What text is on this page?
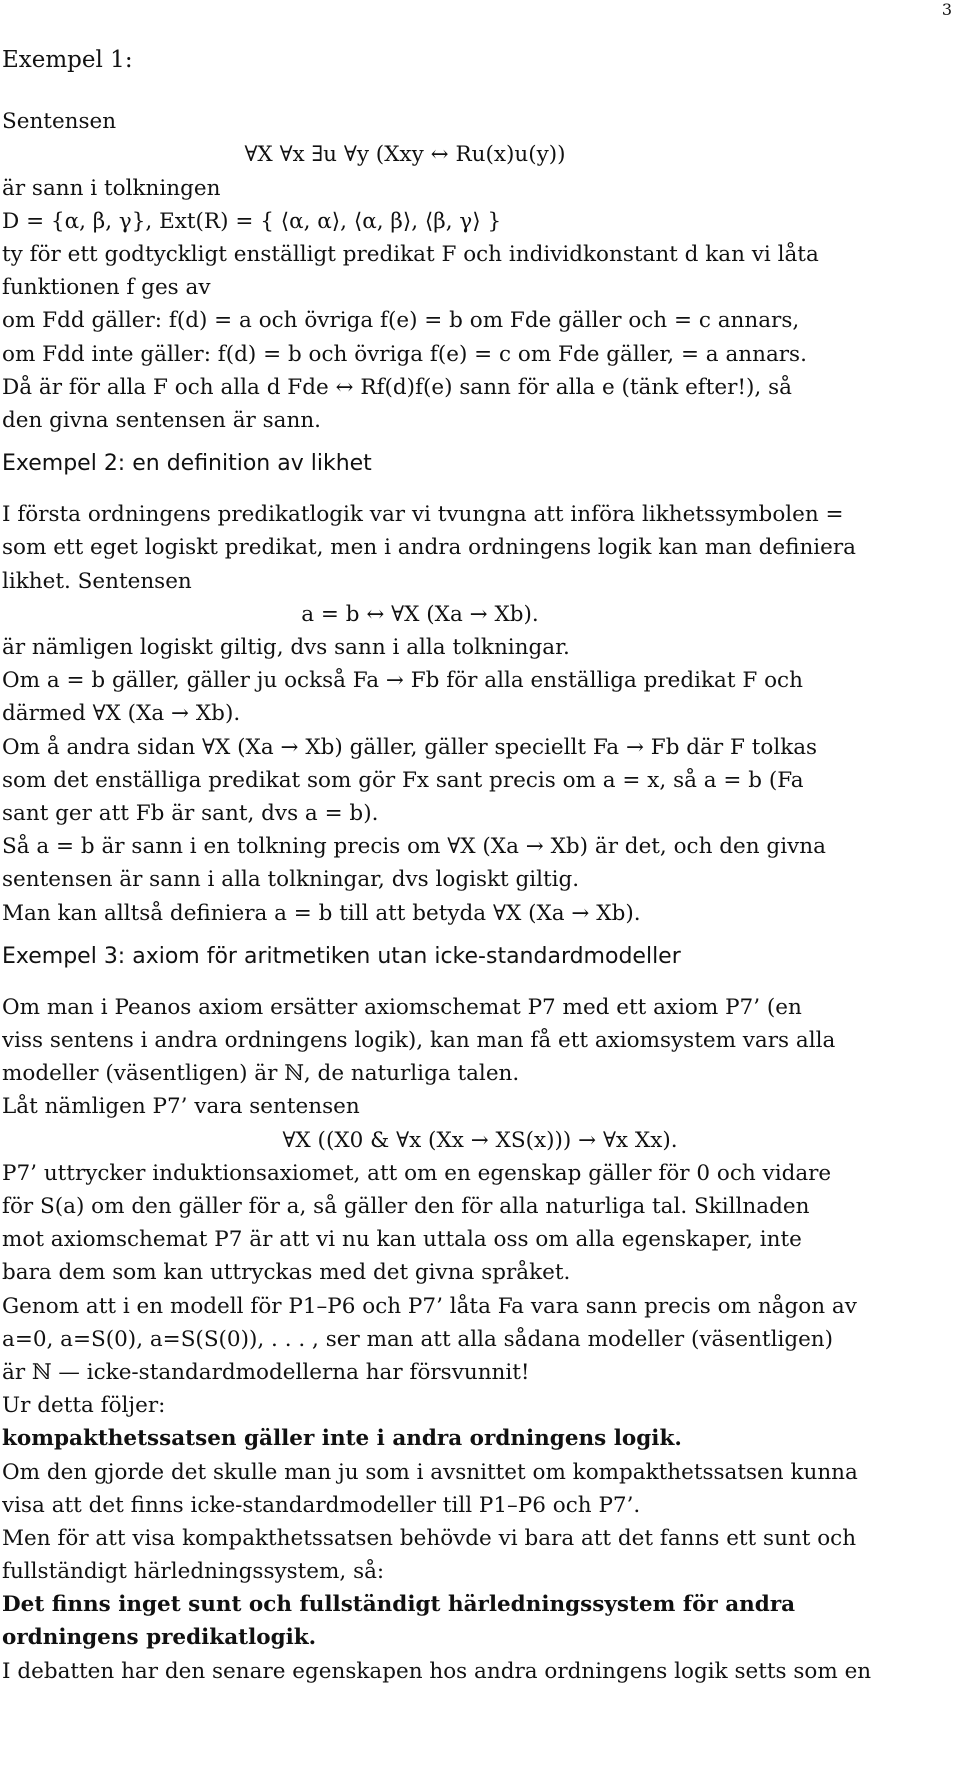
3
Exempel 1:
Sentensen
∀X ∀x ∃u ∀y (Xxy ↔ Ru(x)u(y))
är sann i tolkningen
D = {α, β, γ}, Ext(R) = { ⟨α, α⟩, ⟨α, β⟩, ⟨β, γ⟩ }
ty för ett godtyckligt enställigt predikat F och individkonstant d kan vi låta
funktionen f ges av
om Fdd gäller: f(d) = a och övriga f(e) = b om Fde gäller och = c annars,
om Fdd inte gäller: f(d) = b och övriga f(e) = c om Fde gäller, = a annars.
Då är för alla F och alla d Fde ↔ Rf(d)f(e) sann för alla e (tänk efter!), så
den givna sentensen är sann.
Exempel 2: en definition av likhet
I första ordningens predikatlogik var vi tvungna att införa likhetssymbolen =
som ett eget logiskt predikat, men i andra ordningens logik kan man definiera
likhet. Sentensen
a = b ↔ ∀X (Xa → Xb).
är nämligen logiskt giltig, dvs sann i alla tolkningar.
Om a = b gäller, gäller ju också Fa → Fb för alla enställiga predikat F och
därmed ∀X (Xa → Xb).
Om å andra sidan ∀X (Xa → Xb) gäller, gäller speciellt Fa → Fb där F tolkas
som det enställiga predikat som gör Fx sant precis om a = x, så a = b (Fa
sant ger att Fb är sant, dvs a = b).
Så a = b är sann i en tolkning precis om ∀X (Xa → Xb) är det, och den givna
sentensen är sann i alla tolkningar, dvs logiskt giltig.
Man kan alltså definiera a = b till att betyda ∀X (Xa → Xb).
Exempel 3: axiom för aritmetiken utan icke-standardmodeller
Om man i Peanos axiom ersätter axiomschemat P7 med ett axiom P7’ (en
viss sentens i andra ordningens logik), kan man få ett axiomsystem vars alla
modeller (väsentligen) är ℕ, de naturliga talen.
Låt nämligen P7’ vara sentensen
∀X ((X0 & ∀x (Xx → XS(x))) → ∀x Xx).
P7’ uttrycker induktionsaxiomet, att om en egenskap gäller för 0 och vidare
för S(a) om den gäller för a, så gäller den för alla naturliga tal. Skillnaden
mot axiomschemat P7 är att vi nu kan uttala oss om alla egenskaper, inte
bara dem som kan uttryckas med det givna språket.
Genom att i en modell för P1–P6 och P7’ låta Fa vara sann precis om någon av
a=0, a=S(0), a=S(S(0)), . . . , ser man att alla sådana modeller (väsentligen)
är ℕ — icke-standardmodellerna har försvunnit!
Ur detta följer:
kompakthetssatsen gäller inte i andra ordningens logik.
Om den gjorde det skulle man ju som i avsnittet om kompakthetssatsen kunna
visa att det finns icke-standardmodeller till P1–P6 och P7’.
Men för att visa kompakthetssatsen behövde vi bara att det fanns ett sunt och
fullständigt härledningssystem, så:
Det finns inget sunt och fullständigt härledningssystem för andra
ordningens predikatlogik.
I debatten har den senare egenskapen hos andra ordningens logik setts som en
